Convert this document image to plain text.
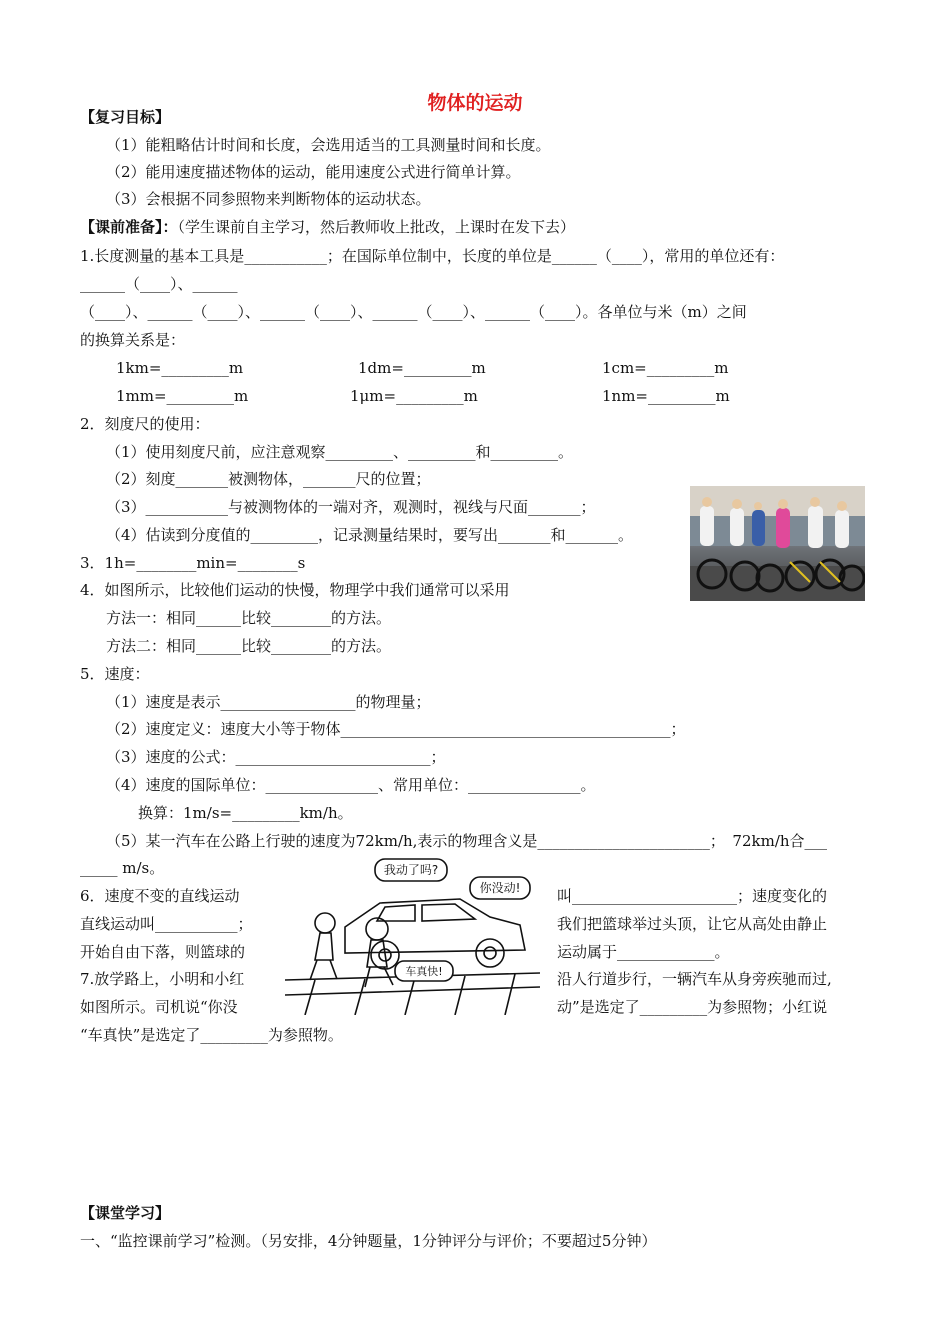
物体的运动
【复习目标】
（1）能粗略估计时间和长度，会选用适当的工具测量时间和长度。
（2）能用速度描述物体的运动，能用速度公式进行简单计算。
（3）会根据不同参照物来判断物体的运动状态。
【课前准备】：（学生课前自主学习，然后教师收上批改，上课时在发下去）
1.长度测量的基本工具是___________；在国际单位制中，长度的单位是______（____），常用的单位还有：
______（____）、______
（____）、______（____）、______（____）、______（____）、______（____）。各单位与米（m）之间
的换算关系是：
1km=_________m	1dm=_________m	1cm=_________m
1mm=_________m	1μm=_________m	1nm=_________m
2．刻度尺的使用：
（1）使用刻度尺前，应注意观察_________、_________和_________。
（2）刻度_______被测物体，_______尺的位置；
（3）___________与被测物体的一端对齐，观测时，视线与尺面_______；
（4）估读到分度值的_________，记录测量结果时，要写出_______和_______。
3．1h=________min=________s
4．如图所示，比较他们运动的快慢，物理学中我们通常可以采用
方法一：相同______比较________的方法。
方法二：相同______比较________的方法。
5．速度：
（1）速度是表示__________________的物理量；
（2）速度定义：速度大小等于物体____________________________________________；
（3）速度的公式：__________________________；
（4）速度的国际单位：_______________、常用单位：_______________。
换算：1m/s=_________km/h。
（5）某一汽车在公路上行驶的速度为72km/h,表示的物理含义是_______________________；　72km/h合___
_____ m/s。
6．速度不变的直线运动
直线运动叫___________；
开始自由下落，则篮球的
7.放学路上，小明和小红
如图所示。司机说“你没
叫______________________；速度变化的
我们把篮球举过头顶，让它从高处由静止
运动属于_____________。
沿人行道步行，一辆汽车从身旁疾驰而过,
动”是选定了_________为参照物；小红说
“车真快”是选定了_________为参照物。
我动了吗?
你没动!
车真快!
【课堂学习】
一、“监控课前学习”检测。（另安排，4分钟题量，1分钟评分与评价；不要超过5分钟）
